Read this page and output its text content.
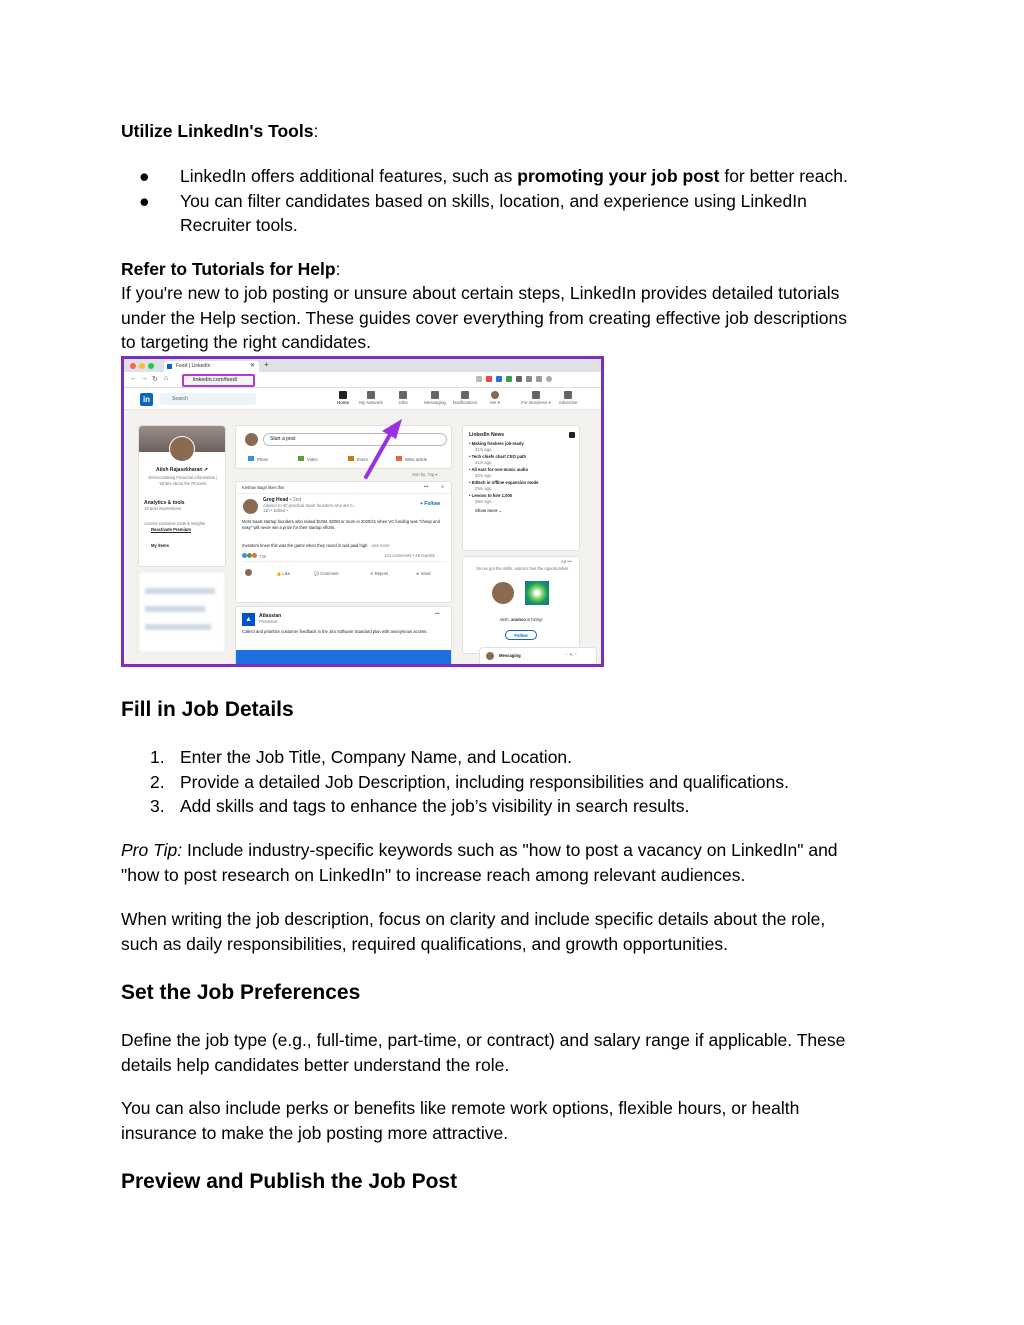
Utilize LinkedIn's Tools:
● LinkedIn offers additional features, such as promoting your job post for better reach.
● You can filter candidates based on skills, location, and experience using LinkedIn
Recruiter tools.
Refer to Tutorials for Help:
If you're new to job posting or unsure about certain steps, LinkedIn provides detailed tutorials
under the Help section. These guides cover everything from creating effective job descriptions
to targeting the right candidates.
Feed | LinkedIn	✕ +
← → ↻ ⌂	linkedin.com/feed/
in	Search
Home	My Network	Jobs	Messaging	Notifications	Me ▾	For Business ▾	Advertise
Atish Rajasekharan ↗
Democratising Financial Information | Writes About the Process
Analytics & tools
18 post impressions
Access exclusive tools & insights
Reactivate Premium
My items
Start a post
Photo	Video	Event	Write article
Sort by: Top ▾
Keshav Bagri likes this	•••	✕
Greg Head • 2nd
Advisor to 40 practical SaaS founders who are b...
11h • Edited •
+ Follow
Most SaaS startup founders who raised $10M, $20M or more in 2020/21 when VC funding was "cheap and easy" will never win a prize for their startup efforts.
Investors knew this was the game when they raced in and paid high ...see more
738	124 comments • 29 reposts
👍 Like	💬 Comment	⟲ Repost	➤ Send
▲	Atlassian
Promoted
•••
Collect and prioritize customer feedback in the Jira Software Standard plan with anonymous access.
LinkedIn News
• Making freshers job-ready
31m ago
• Tech chiefs chart CEO path
31m ago
• All ears for non-music audio
32m ago
• Edtech in offline expansion mode
29m ago
• Lenovo to hire 1,000
29m ago
Show more ⌄
Ad •••
You've got the skills, aramco has the opportunities
Atish, aramco is hiring!
Follow
Messaging	··· ✎ ⌃
Fill in Job Details
1. Enter the Job Title, Company Name, and Location.
2. Provide a detailed Job Description, including responsibilities and qualifications.
3. Add skills and tags to enhance the job’s visibility in search results.
Pro Tip: Include industry-specific keywords such as "how to post a vacancy on LinkedIn" and
"how to post research on LinkedIn" to increase reach among relevant audiences.
When writing the job description, focus on clarity and include specific details about the role,
such as daily responsibilities, required qualifications, and growth opportunities.
Set the Job Preferences
Define the job type (e.g., full-time, part-time, or contract) and salary range if applicable. These
details help candidates better understand the role.
You can also include perks or benefits like remote work options, flexible hours, or health
insurance to make the job posting more attractive.
Preview and Publish the Job Post
